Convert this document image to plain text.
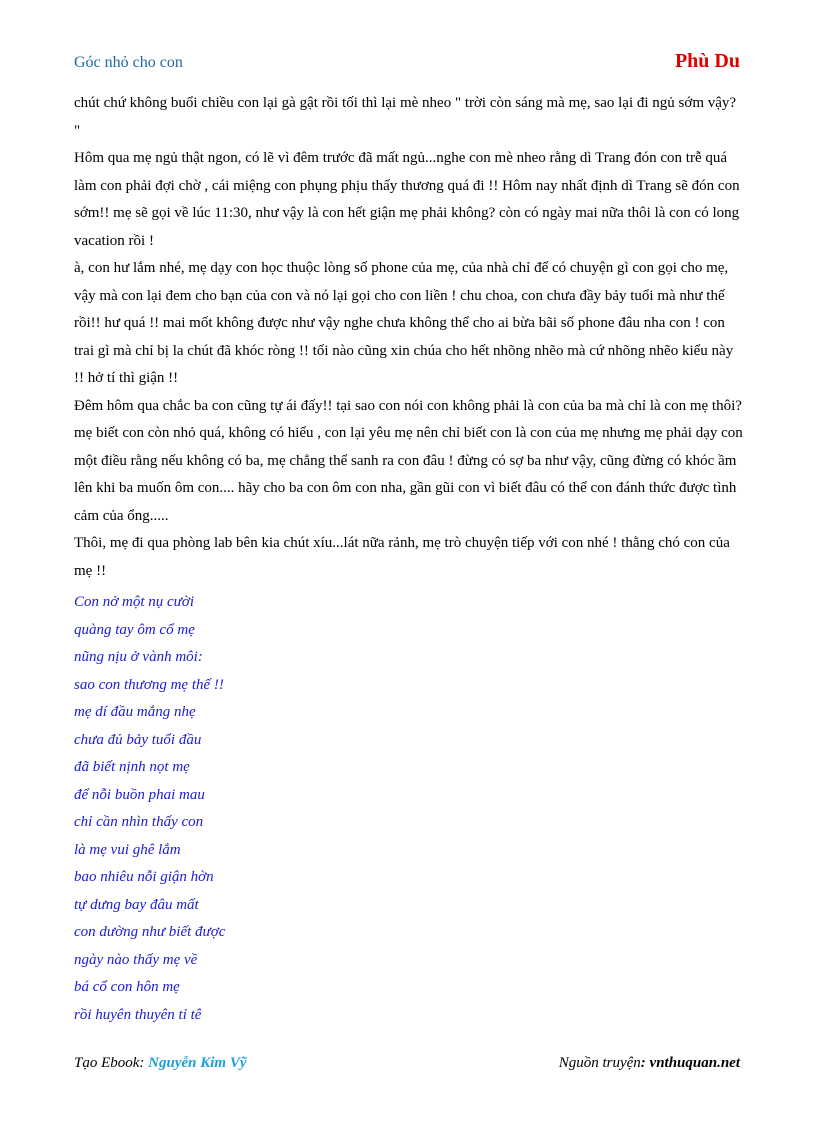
Góc nhỏ cho con	Phù Du

chút chứ không buổi chiều con lại gà gật rồi tối thì lại mè nheo " trời còn sáng mà mẹ, sao lại đi ngủ sớm vậy? "

Hôm qua mẹ ngủ thật ngon, có lẽ vì đêm trước đã mất ngủ...nghe con mè nheo rằng dì Trang đón con trễ quá làm con phải đợi chờ , cái miệng con phụng phịu thấy thương quá đi !! Hôm nay nhất định dì Trang sẽ đón con sớm!! mẹ sẽ gọi về lúc 11:30, như vậy là con hết giận mẹ phải không? còn có ngày mai nữa thôi là con có long vacation rồi !

à, con hư lắm nhé, mẹ dạy con học thuộc lòng số phone của mẹ, của nhà chỉ để có chuyện gì con gọi cho mẹ, vậy mà con lại đem cho bạn của con và nó lại gọi cho con liền ! chu choa, con chưa đầy bảy tuổi mà như thế rồi!! hư quá !! mai mốt không được như vậy nghe chưa không thể cho ai bừa bãi số phone đâu nha con ! con trai gì mà chỉ bị la chút đã khóc ròng !! tối nào cũng xin chúa cho hết nhõng nhẽo mà cứ nhõng nhẽo kiểu này !! hở tí thì giận !!

Đêm hôm qua chắc ba con cũng tự ái đấy!! tại sao con nói con không phải là con của ba mà chỉ là con mẹ thôi? mẹ biết con còn nhỏ quá, không có hiểu , con lại yêu mẹ nên chỉ biết con là con của mẹ nhưng mẹ phải dạy con một điều rằng nếu không có ba, mẹ chẳng thể sanh ra con đâu ! đừng có sợ ba như vậy, cũng đừng có khóc ầm lên khi ba muốn ôm con.... hãy cho ba con ôm con nha, gần gũi con vì biết đâu có thể con đánh thức được tình cảm của ổng.....

Thôi, mẹ đi qua phòng lab bên kia chút xíu...lát nữa rảnh, mẹ trò chuyện tiếp với con nhé ! thằng chó con của mẹ !!

Con nở một nụ cười
quàng tay ôm cổ mẹ
nũng nịu ở vành môi:
sao con thương mẹ thế !!
mẹ dí đầu mắng nhẹ
chưa đủ bảy tuổi đầu
đã biết nịnh nọt mẹ
để nỗi buồn phai mau
chỉ cần nhìn thấy con
là mẹ vui ghê lắm
bao nhiêu nỗi giận hờn
tự dưng bay đâu mất
con dường như biết được
ngày nào thấy mẹ về
bá cổ con hôn mẹ
rồi huyên thuyên tỉ tê
Tạo Ebook: Nguyễn Kim Vỹ	Nguồn truyện: vnthuquan.net
